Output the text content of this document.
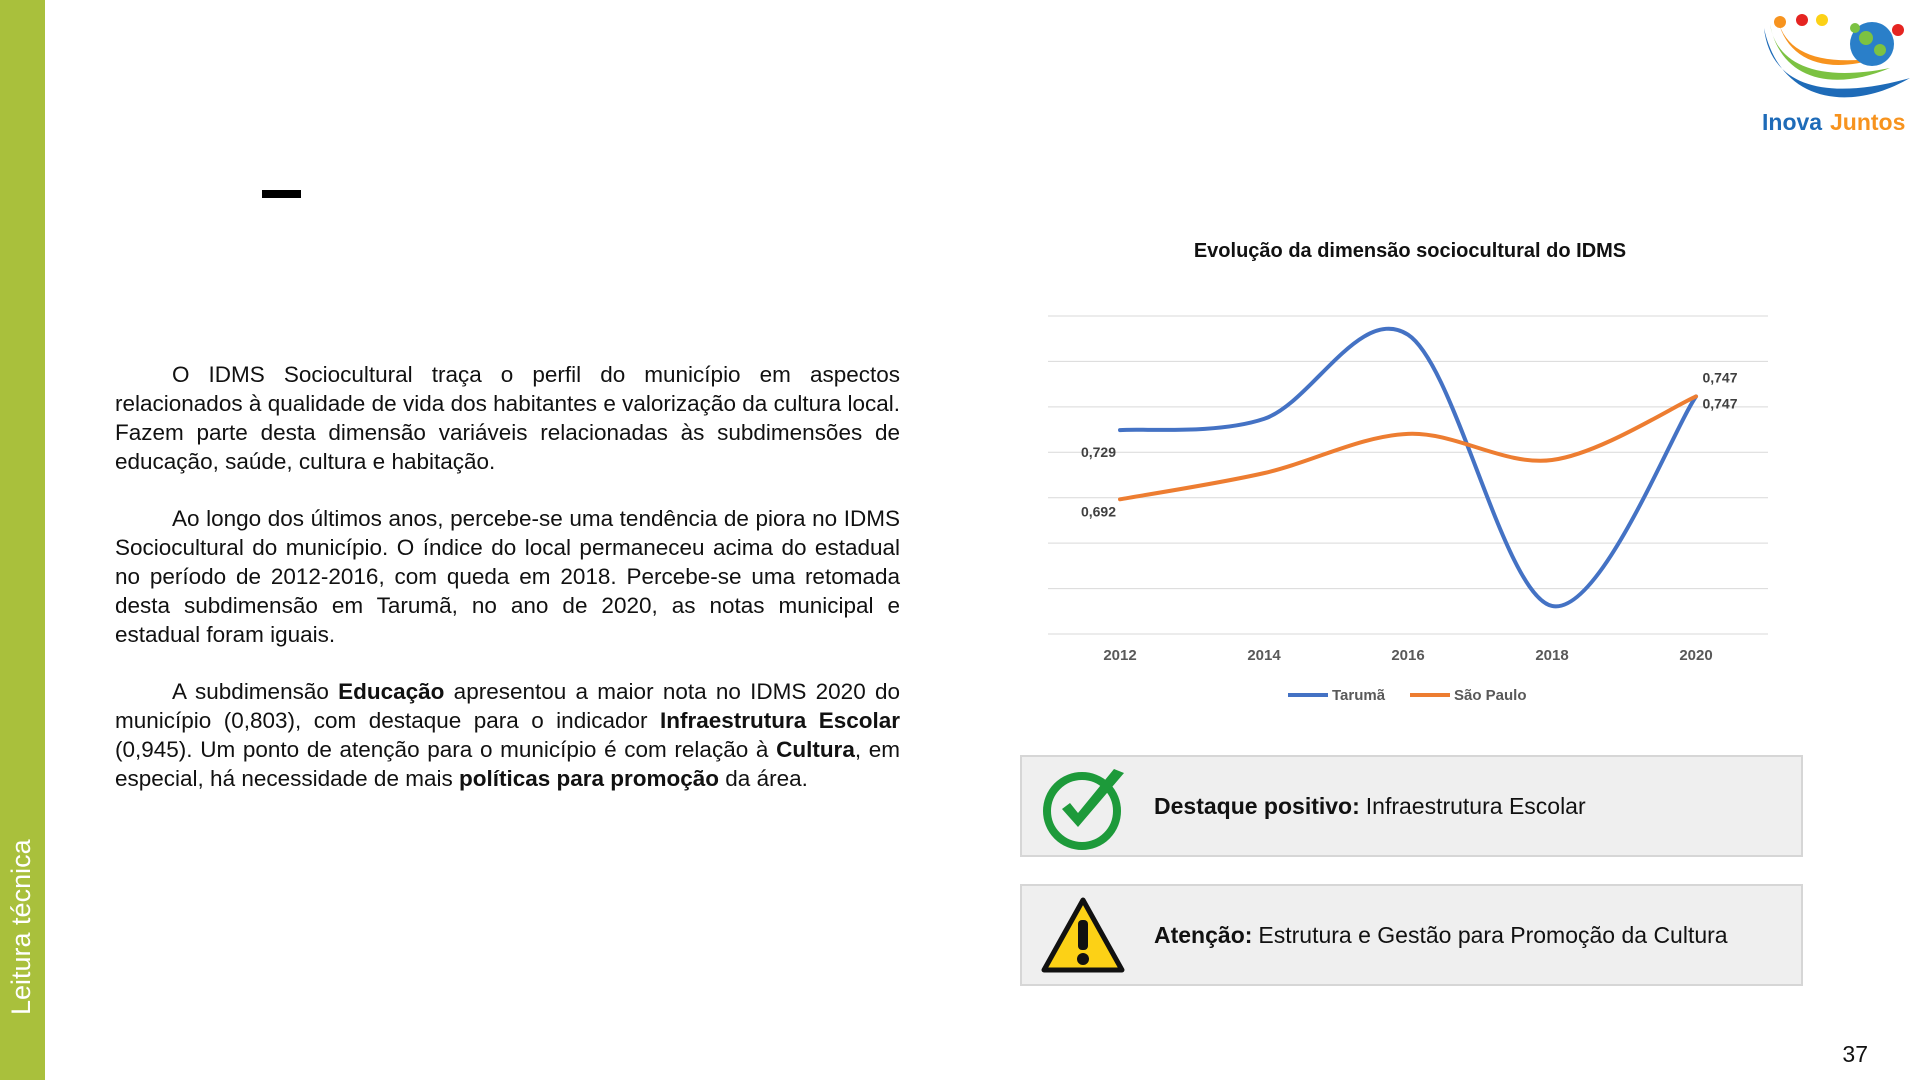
Leitura técnica
Inova Juntos

O IDMS Sociocultural traça o perfil do município em aspectos relacionados à qualidade de vida dos habitantes e valorização da cultura local. Fazem parte desta dimensão variáveis relacionadas às subdimensões de educação, saúde, cultura e habitação.

Ao longo dos últimos anos, percebe-se uma tendência de piora no IDMS Sociocultural do município. O índice do local permaneceu acima do estadual no período de 2012-2016, com queda em 2018. Percebe-se uma retomada desta subdimensão em Tarumã, no ano de 2020, as notas municipal e estadual foram iguais.

A subdimensão Educação apresentou a maior nota no IDMS 2020 do município (0,803), com destaque para o indicador Infraestrutura Escolar (0,945). Um ponto de atenção para o município é com relação à Cultura, em especial, há necessidade de mais políticas para promoção da área.

Evolução da dimensão sociocultural do IDMS
2012	2014	2016	2018	2020
0,729
0,747
0,692
0,747
Tarumã	São Paulo
Destaque positivo: Infraestrutura Escolar
Atenção: Estrutura e Gestão para Promoção da Cultura
37
